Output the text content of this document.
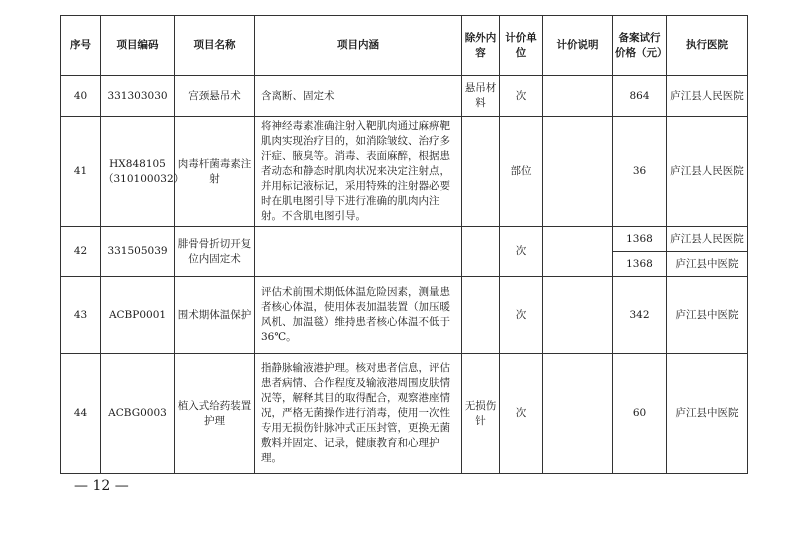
序号	项目编码	项目名称	项目内涵	除外内容	计价单位	计价说明	备案试行价格（元）	执行医院
40	331303030	宫颈悬吊术	含离断、固定术	悬吊材料	次		864	庐江县人民医院
41	HX848105（310100032）	肉毒杆菌毒素注射	将神经毒素准确注射入靶肌肉通过麻痹靶肌肉实现治疗目的，如消除皱纹、治疗多汗症、腋臭等。消毒、表面麻醉，根据患者动态和静态时肌肉状况来决定注射点，并用标记液标记，采用特殊的注射器必要时在肌电图引导下进行准确的肌肉内注射。不含肌电图引导。		部位		36	庐江县人民医院
42	331505039	腓骨骨折切开复位内固定术			次		1368	庐江县人民医院
							1368	庐江县中医院
43	ACBP0001	围术期体温保护	评估术前围术期低体温危险因素，测量患者核心体温，使用体表加温装置（加压暖风机、加温毯）维持患者核心体温不低于36℃。		次		342	庐江县中医院
44	ACBG0003	植入式给药装置护理	指静脉输液港护理。核对患者信息，评估患者病情、合作程度及输液港周围皮肤情况等，解释其目的取得配合，观察港座情况，严格无菌操作进行消毒，使用一次性专用无损伤针脉冲式正压封管，更换无菌敷料并固定、记录，健康教育和心理护理。	无损伤针	次		60	庐江县中医院
— 12 —
